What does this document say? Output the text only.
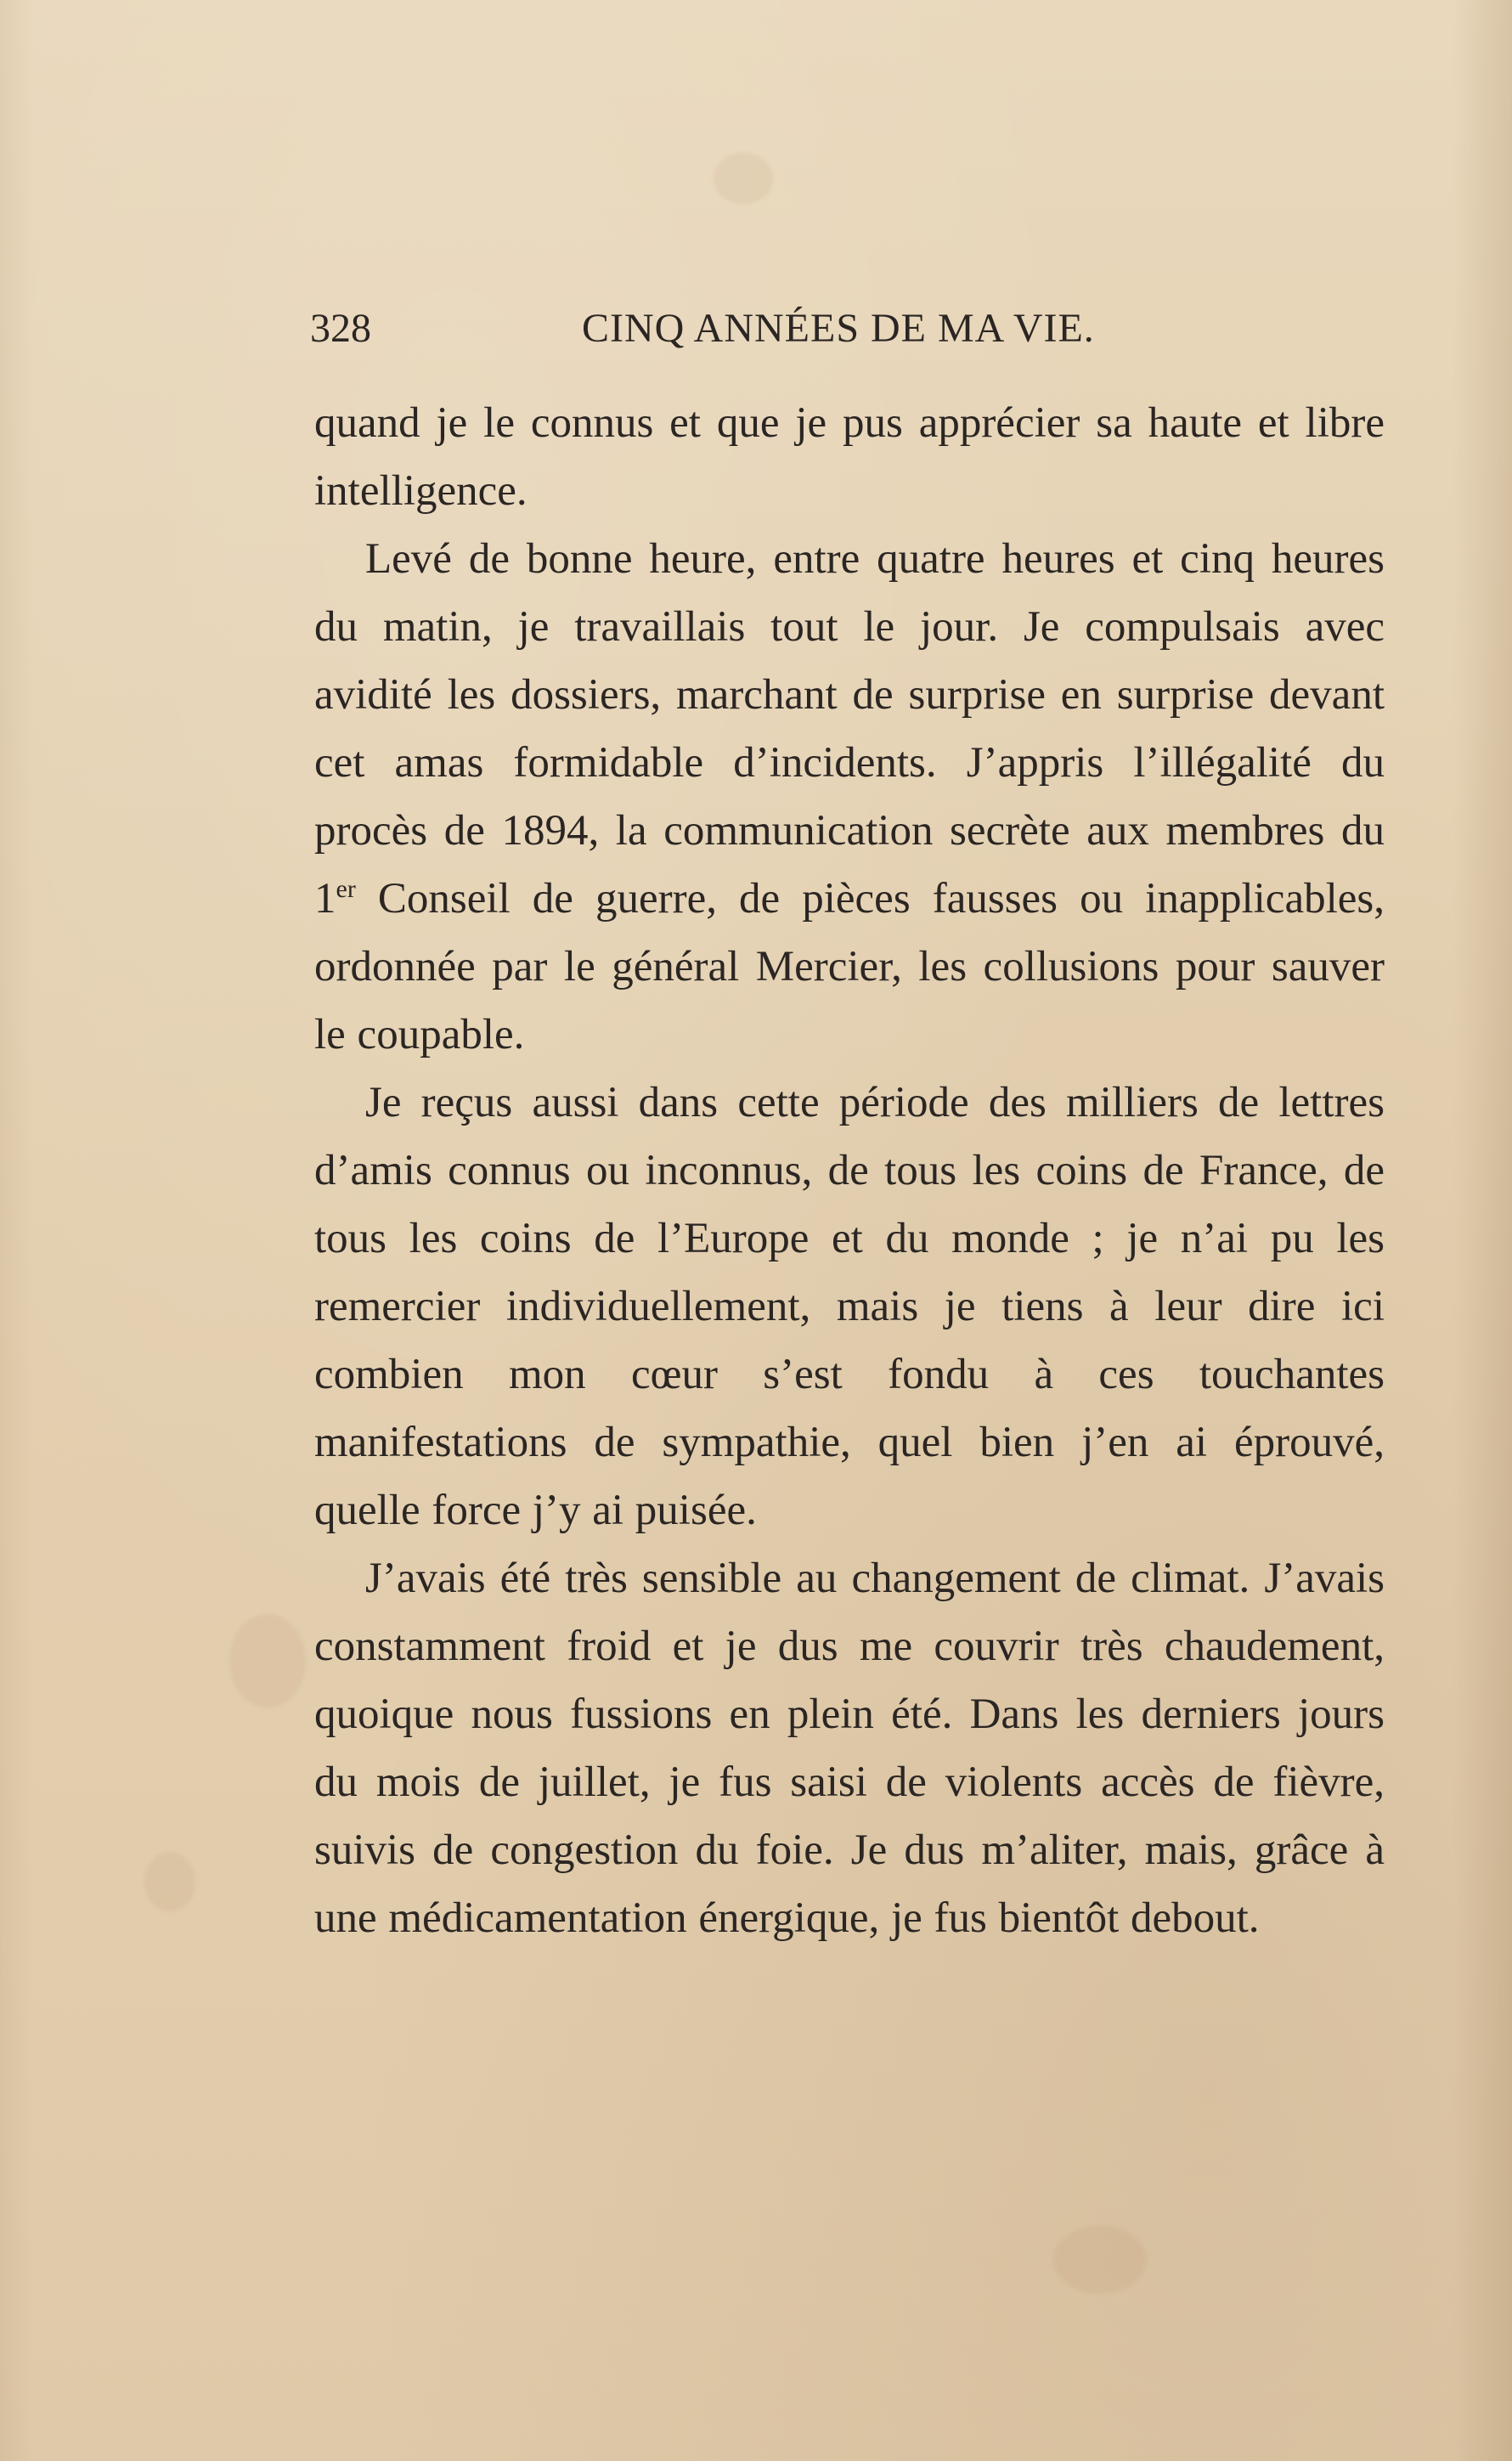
328	CINQ ANNÉES DE MA VIE.

quand je le connus et que je pus apprécier sa haute et libre intelligence.

Levé de bonne heure, entre quatre heures et cinq heures du matin, je travaillais tout le jour. Je compulsais avec avidité les dossiers, marchant de surprise en surprise devant cet amas formidable d’incidents. J’appris l’illégalité du procès de 1894, la communication secrète aux membres du 1er Conseil de guerre, de pièces fausses ou inapplicables, ordonnée par le général Mercier, les collusions pour sauver le coupable.

Je reçus aussi dans cette période des milliers de lettres d’amis connus ou inconnus, de tous les coins de France, de tous les coins de l’Europe et du monde ; je n’ai pu les remercier individuellement, mais je tiens à leur dire ici combien mon cœur s’est fondu à ces touchantes manifestations de sympathie, quel bien j’en ai éprouvé, quelle force j’y ai puisée.

J’avais été très sensible au changement de climat. J’avais constamment froid et je dus me couvrir très chaudement, quoique nous fussions en plein été. Dans les derniers jours du mois de juillet, je fus saisi de violents accès de fièvre, suivis de congestion du foie. Je dus m’aliter, mais, grâce à une médicamentation énergique, je fus bientôt debout.
